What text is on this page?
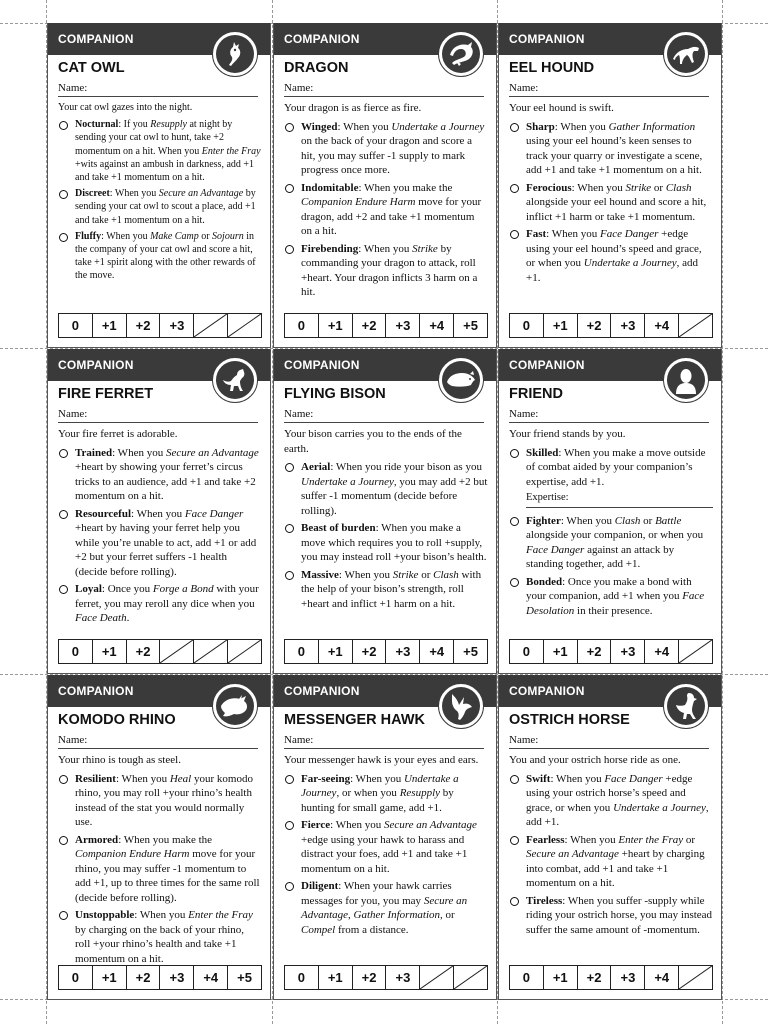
COMPANION
CAT OWL
Name:

Your cat owl gazes into the night.

Nocturnal: If you Resupply at night by sending your cat owl to hunt, take +2 momentum on a hit. When you Enter the Fray +wits against an ambush in darkness, add +1 and take +1 momentum on a hit.
Discreet: When you Secure an Advantage by sending your cat owl to scout a place, add +1 and take +1 momentum on a hit.
Fluffy: When you Make Camp or Sojourn in the company of your cat owl and score a hit, take +1 spirit along with the other rewards of the move.
0	+1	+2	+3
COMPANION
DRAGON
Name:

Your dragon is as fierce as fire.

Winged: When you Undertake a Journey on the back of your dragon and score a hit, you may suffer -1 supply to mark progress once more.
Indomitable: When you make the Companion Endure Harm move for your dragon, add +2 and take +1 momentum on a hit.
Firebending: When you Strike by commanding your dragon to attack, roll +heart. Your dragon inflicts 3 harm on a hit.
0	+1	+2	+3	+4	+5
COMPANION
EEL HOUND
Name:

Your eel hound is swift.

Sharp: When you Gather Information using your eel hound’s keen senses to track your quarry or investigate a scene, add +1 and take +1 momentum on a hit.
Ferocious: When you Strike or Clash alongside your eel hound and score a hit, inflict +1 harm or take +1 momentum.
Fast: When you Face Danger +edge using your eel hound’s speed and grace, or when you Undertake a Journey, add +1.
0	+1	+2	+3	+4
COMPANION
FIRE FERRET
Name:

Your fire ferret is adorable.

Trained: When you Secure an Advantage +heart by showing your ferret’s circus tricks to an audience, add +1 and take +2 momentum on a hit.
Resourceful: When you Face Danger +heart by having your ferret help you while you’re unable to act, add +1 or add +2 but your ferret suffers -1 health (decide before rolling).
Loyal: Once you Forge a Bond with your ferret, you may reroll any dice when you Face Death.
0	+1	+2
COMPANION
FLYING BISON
Name:

Your bison carries you to the ends of the earth.

Aerial: When you ride your bison as you Undertake a Journey, you may add +2 but suffer -1 momentum (decide before rolling).
Beast of burden: When you make a move which requires you to roll +supply, you may instead roll +your bison’s health.
Massive: When you Strike or Clash with the help of your bison’s strength, roll +heart and inflict +1 harm on a hit.
0	+1	+2	+3	+4	+5
COMPANION
FRIEND
Name:

Your friend stands by you.

Skilled: When you make a move outside of combat aided by your companion’s expertise, add +1.
Expertise:
Fighter: When you Clash or Battle alongside your companion, or when you Face Danger against an attack by standing together, add +1.
Bonded: Once you make a bond with your companion, add +1 when you Face Desolation in their presence.
0	+1	+2	+3	+4
COMPANION
KOMODO RHINO
Name:

Your rhino is tough as steel.

Resilient: When you Heal your komodo rhino, you may roll +your rhino’s health instead of the stat you would normally use.
Armored: When you make the Companion Endure Harm move for your rhino, you may suffer -1 momentum to add +1, up to three times for the same roll (decide before rolling).
Unstoppable: When you Enter the Fray by charging on the back of your rhino, roll +your rhino’s health and take +1 momentum on a hit.
0	+1	+2	+3	+4	+5
COMPANION
MESSENGER HAWK
Name:

Your messenger hawk is your eyes and ears.

Far-seeing: When you Undertake a Journey, or when you Resupply by hunting for small game, add +1.
Fierce: When you Secure an Advantage +edge using your hawk to harass and distract your foes, add +1 and take +1 momentum on a hit.
Diligent: When your hawk carries messages for you, you may Secure an Advantage, Gather Information, or Compel from a distance.
0	+1	+2	+3
COMPANION
OSTRICH HORSE
Name:

You and your ostrich horse ride as one.

Swift: When you Face Danger +edge using your ostrich horse’s speed and grace, or when you Undertake a Journey, add +1.
Fearless: When you Enter the Fray or Secure an Advantage +heart by charging into combat, add +1 and take +1 momentum on a hit.
Tireless: When you suffer -supply while riding your ostrich horse, you may instead suffer the same amount of -momentum.
0	+1	+2	+3	+4
